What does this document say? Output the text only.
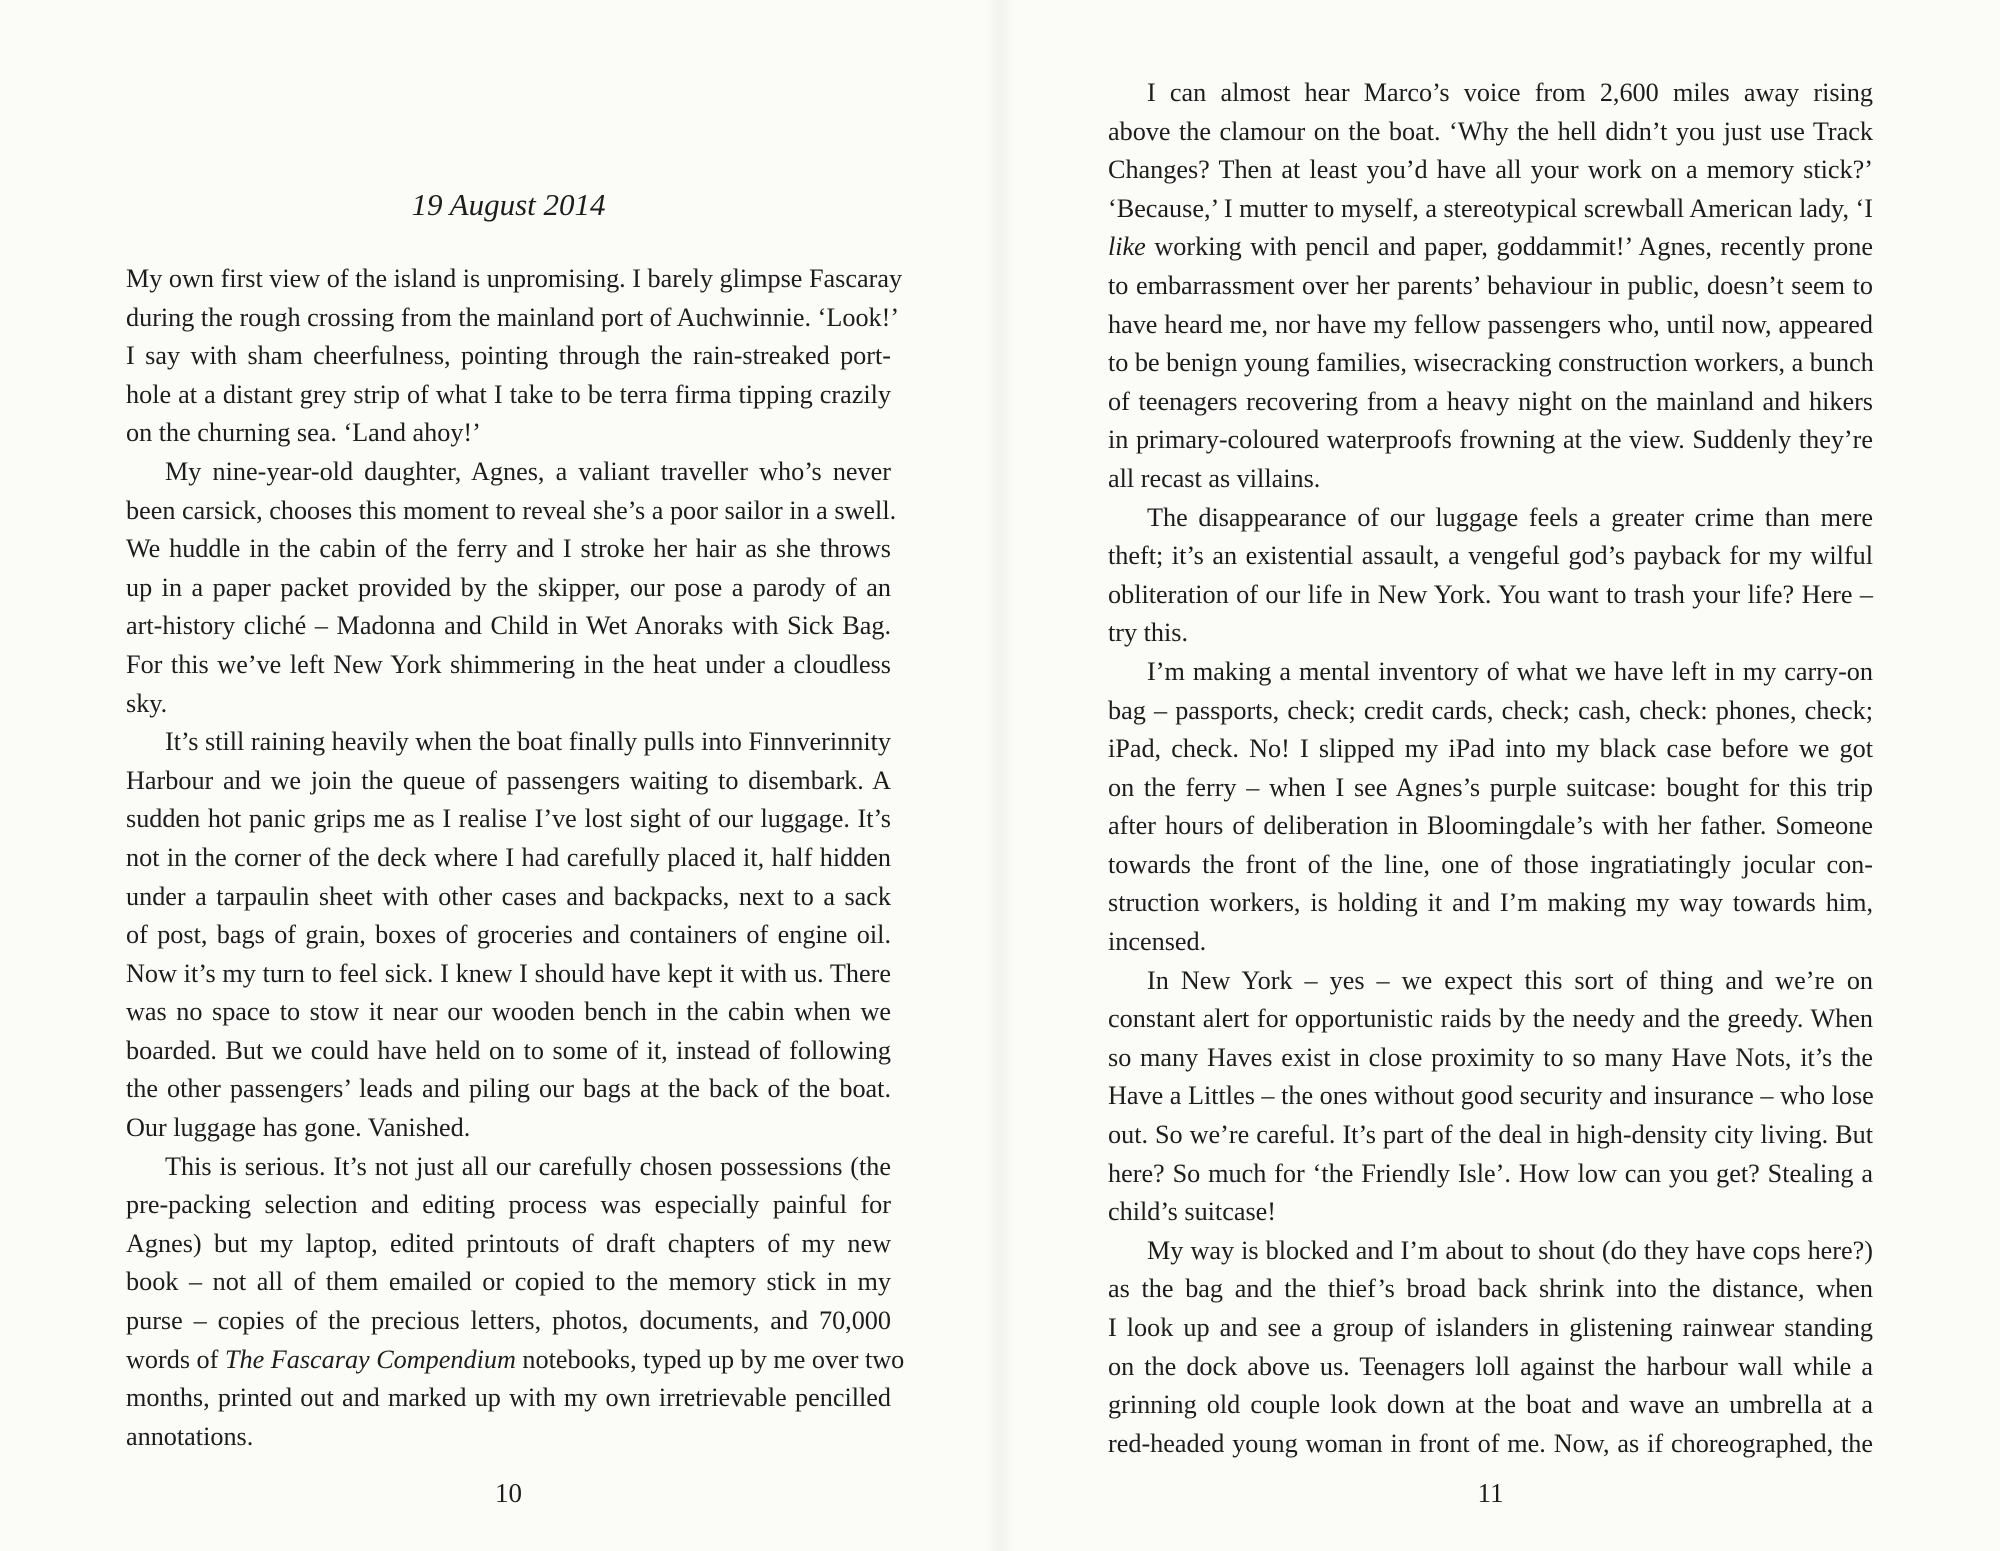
19 August 2014
My own first view of the island is unpromising. I barely glimpse Fascaray
during the rough crossing from the mainland port of Auchwinnie. ‘Look!’
I say with sham cheerfulness, pointing through the rain-streaked port-
hole at a distant grey strip of what I take to be terra firma tipping crazily
on the churning sea. ‘Land ahoy!’
My nine-year-old daughter, Agnes, a valiant traveller who’s never
been carsick, chooses this moment to reveal she’s a poor sailor in a swell.
We huddle in the cabin of the ferry and I stroke her hair as she throws
up in a paper packet provided by the skipper, our pose a parody of an
art-history cliché – Madonna and Child in Wet Anoraks with Sick Bag.
For this we’ve left New York shimmering in the heat under a cloudless
sky.
It’s still raining heavily when the boat finally pulls into Finnverinnity
Harbour and we join the queue of passengers waiting to disembark. A
sudden hot panic grips me as I realise I’ve lost sight of our luggage. It’s
not in the corner of the deck where I had carefully placed it, half hidden
under a tarpaulin sheet with other cases and backpacks, next to a sack
of post, bags of grain, boxes of groceries and containers of engine oil.
Now it’s my turn to feel sick. I knew I should have kept it with us. There
was no space to stow it near our wooden bench in the cabin when we
boarded. But we could have held on to some of it, instead of following
the other passengers’ leads and piling our bags at the back of the boat.
Our luggage has gone. Vanished.
This is serious. It’s not just all our carefully chosen possessions (the
pre-packing selection and editing process was especially painful for
Agnes) but my laptop, edited printouts of draft chapters of my new
book – not all of them emailed or copied to the memory stick in my
purse – copies of the precious letters, photos, documents, and 70,000
words of The Fascaray Compendium notebooks, typed up by me over two
months, printed out and marked up with my own irretrievable pencilled
annotations.
10
I can almost hear Marco’s voice from 2,600 miles away rising
above the clamour on the boat. ‘Why the hell didn’t you just use Track
Changes? Then at least you’d have all your work on a memory stick?’
‘Because,’ I mutter to myself, a stereotypical screwball American lady, ‘I
like working with pencil and paper, goddammit!’ Agnes, recently prone
to embarrassment over her parents’ behaviour in public, doesn’t seem to
have heard me, nor have my fellow passengers who, until now, appeared
to be benign young families, wisecracking construction workers, a bunch
of teenagers recovering from a heavy night on the mainland and hikers
in primary-coloured waterproofs frowning at the view. Suddenly they’re
all recast as villains.
The disappearance of our luggage feels a greater crime than mere
theft; it’s an existential assault, a vengeful god’s payback for my wilful
obliteration of our life in New York. You want to trash your life? Here –
try this.
I’m making a mental inventory of what we have left in my carry-on
bag – passports, check; credit cards, check; cash, check: phones, check;
iPad, check. No! I slipped my iPad into my black case before we got
on the ferry – when I see Agnes’s purple suitcase: bought for this trip
after hours of deliberation in Bloomingdale’s with her father. Someone
towards the front of the line, one of those ingratiatingly jocular con-
struction workers, is holding it and I’m making my way towards him,
incensed.
In New York – yes – we expect this sort of thing and we’re on
constant alert for opportunistic raids by the needy and the greedy. When
so many Haves exist in close proximity to so many Have Nots, it’s the
Have a Littles – the ones without good security and insurance – who lose
out. So we’re careful. It’s part of the deal in high-density city living. But
here? So much for ‘the Friendly Isle’. How low can you get? Stealing a
child’s suitcase!
My way is blocked and I’m about to shout (do they have cops here?)
as the bag and the thief’s broad back shrink into the distance, when
I look up and see a group of islanders in glistening rainwear standing
on the dock above us. Teenagers loll against the harbour wall while a
grinning old couple look down at the boat and wave an umbrella at a
red-headed young woman in front of me. Now, as if choreographed, the
11
